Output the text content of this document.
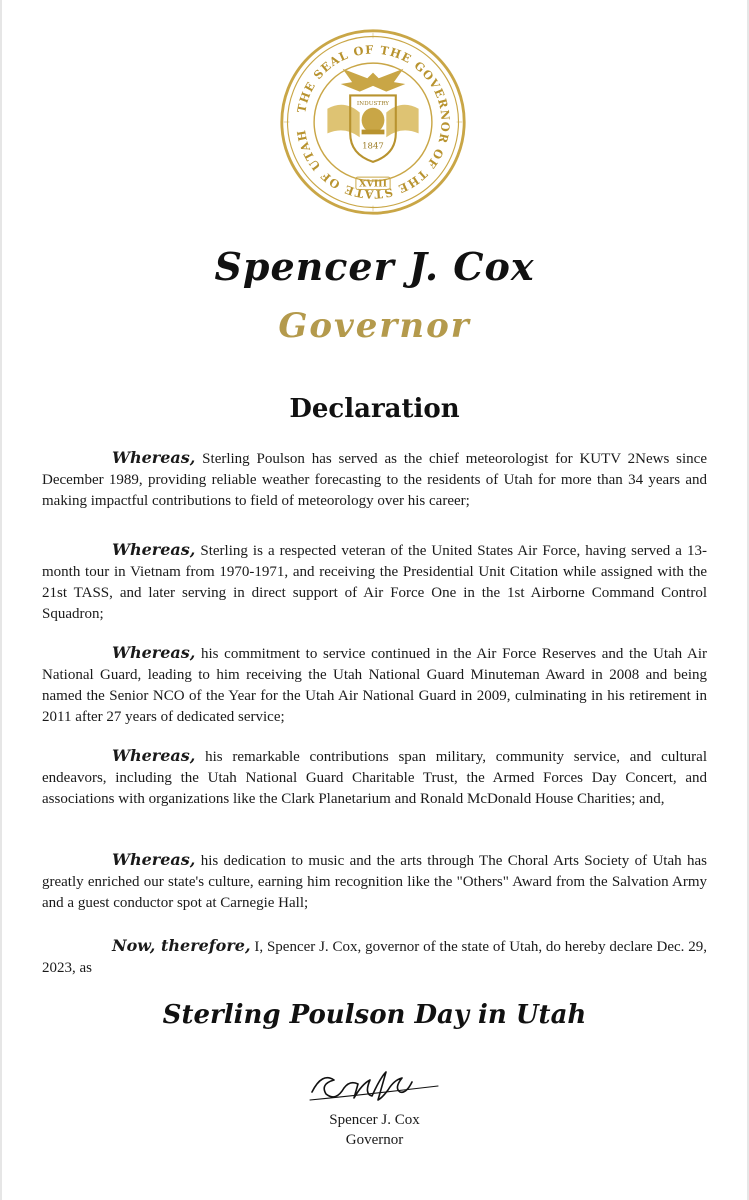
INDUSTRY
1847
THE SEAL OF THE GOVERNOR OF THE STATE OF UTAH
XVIII
Spencer J. Cox
Governor
Declaration

Whereas, Sterling Poulson has served as the chief meteorologist for KUTV 2News since December 1989, providing reliable weather forecasting to the residents of Utah for more than 34 years and making impactful contributions to field of meteorology over his career;

Whereas, Sterling is a respected veteran of the United States Air Force, having served a 13-month tour in Vietnam from 1970-1971, and receiving the Presidential Unit Citation while assigned with the 21st TASS, and later serving in direct support of Air Force One in the 1st Airborne Command Control Squadron;

Whereas, his commitment to service continued in the Air Force Reserves and the Utah Air National Guard, leading to him receiving the Utah National Guard Minuteman Award in 2008 and being named the Senior NCO of the Year for the Utah Air National Guard in 2009, culminating in his retirement in 2011 after 27 years of dedicated service;

Whereas, his remarkable contributions span military, community service, and cultural endeavors, including the Utah National Guard Charitable Trust, the Armed Forces Day Concert, and associations with organizations like the Clark Planetarium and Ronald McDonald House Charities; and,

Whereas, his dedication to music and the arts through The Choral Arts Society of Utah has greatly enriched our state's culture, earning him recognition like the "Others" Award from the Salvation Army and a guest conductor spot at Carnegie Hall;

Now, therefore, I, Spencer J. Cox, governor of the state of Utah, do hereby declare Dec. 29, 2023, as

Sterling Poulson Day in Utah
Spencer J. Cox
Governor
